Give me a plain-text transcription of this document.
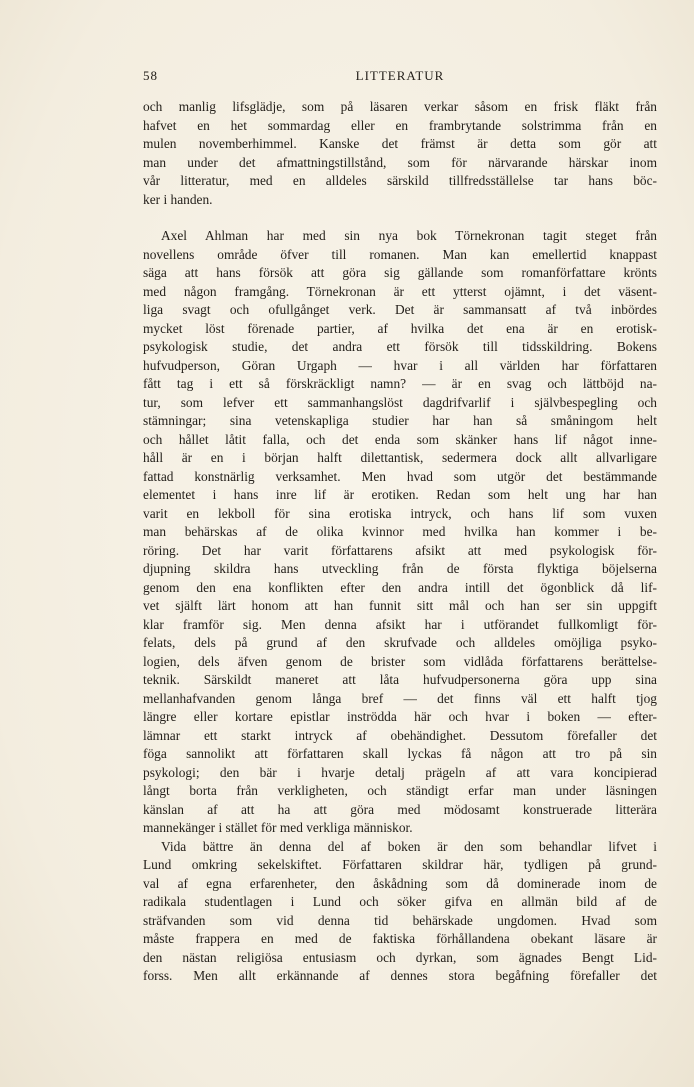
58	LITTERATUR
och manlig lifsglädje, som på läsaren verkar såsom en frisk fläkt från
hafvet en het sommardag eller en frambrytande solstrimma från en
mulen novemberhimmel. Kanske det främst är detta som gör att
man under det afmattningstillstånd, som för närvarande härskar inom
vår litteratur, med en alldeles särskild tillfredsställelse tar hans böc-
ker i handen.
Axel Ahlman har med sin nya bok Törnekronan tagit steget från
novellens område öfver till romanen. Man kan emellertid knappast
säga att hans försök att göra sig gällande som romanförfattare krönts
med någon framgång. Törnekronan är ett ytterst ojämnt, i det väsent-
liga svagt och ofullgånget verk. Det är sammansatt af två inbördes
mycket löst förenade partier, af hvilka det ena är en erotisk-
psykologisk studie, det andra ett försök till tidsskildring. Bokens
hufvudperson, Göran Urgaph — hvar i all världen har författaren
fått tag i ett så förskräckligt namn? — är en svag och lättböjd na-
tur, som lefver ett sammanhangslöst dagdrifvarlif i självbespegling och
stämningar; sina vetenskapliga studier har han så småningom helt
och hållet låtit falla, och det enda som skänker hans lif något inne-
håll är en i början halft dilettantisk, sedermera dock allt allvarligare
fattad konstnärlig verksamhet. Men hvad som utgör det bestämmande
elementet i hans inre lif är erotiken. Redan som helt ung har han
varit en lekboll för sina erotiska intryck, och hans lif som vuxen
man behärskas af de olika kvinnor med hvilka han kommer i be-
röring. Det har varit författarens afsikt att med psykologisk för-
djupning skildra hans utveckling från de första flyktiga böjelserna
genom den ena konflikten efter den andra intill det ögonblick då lif-
vet själft lärt honom att han funnit sitt mål och han ser sin uppgift
klar framför sig. Men denna afsikt har i utförandet fullkomligt för-
felats, dels på grund af den skrufvade och alldeles omöjliga psyko-
logien, dels äfven genom de brister som vidlåda författarens berättelse-
teknik. Särskildt maneret att låta hufvudpersonerna göra upp sina
mellanhafvanden genom långa bref — det finns väl ett halft tjog
längre eller kortare epistlar inströdda här och hvar i boken — efter-
lämnar ett starkt intryck af obehändighet. Dessutom förefaller det
föga sannolikt att författaren skall lyckas få någon att tro på sin
psykologi; den bär i hvarje detalj prägeln af att vara koncipierad
långt borta från verkligheten, och ständigt erfar man under läsningen
känslan af att ha att göra med mödosamt konstruerade litterära
mannekänger i stället för med verkliga människor.
Vida bättre än denna del af boken är den som behandlar lifvet i
Lund omkring sekelskiftet. Författaren skildrar här, tydligen på grund-
val af egna erfarenheter, den åskådning som då dominerade inom de
radikala studentlagen i Lund och söker gifva en allmän bild af de
sträfvanden som vid denna tid behärskade ungdomen. Hvad som
måste frappera en med de faktiska förhållandena obekant läsare är
den nästan religiösa entusiasm och dyrkan, som ägnades Bengt Lid-
forss. Men allt erkännande af dennes stora begåfning förefaller det
